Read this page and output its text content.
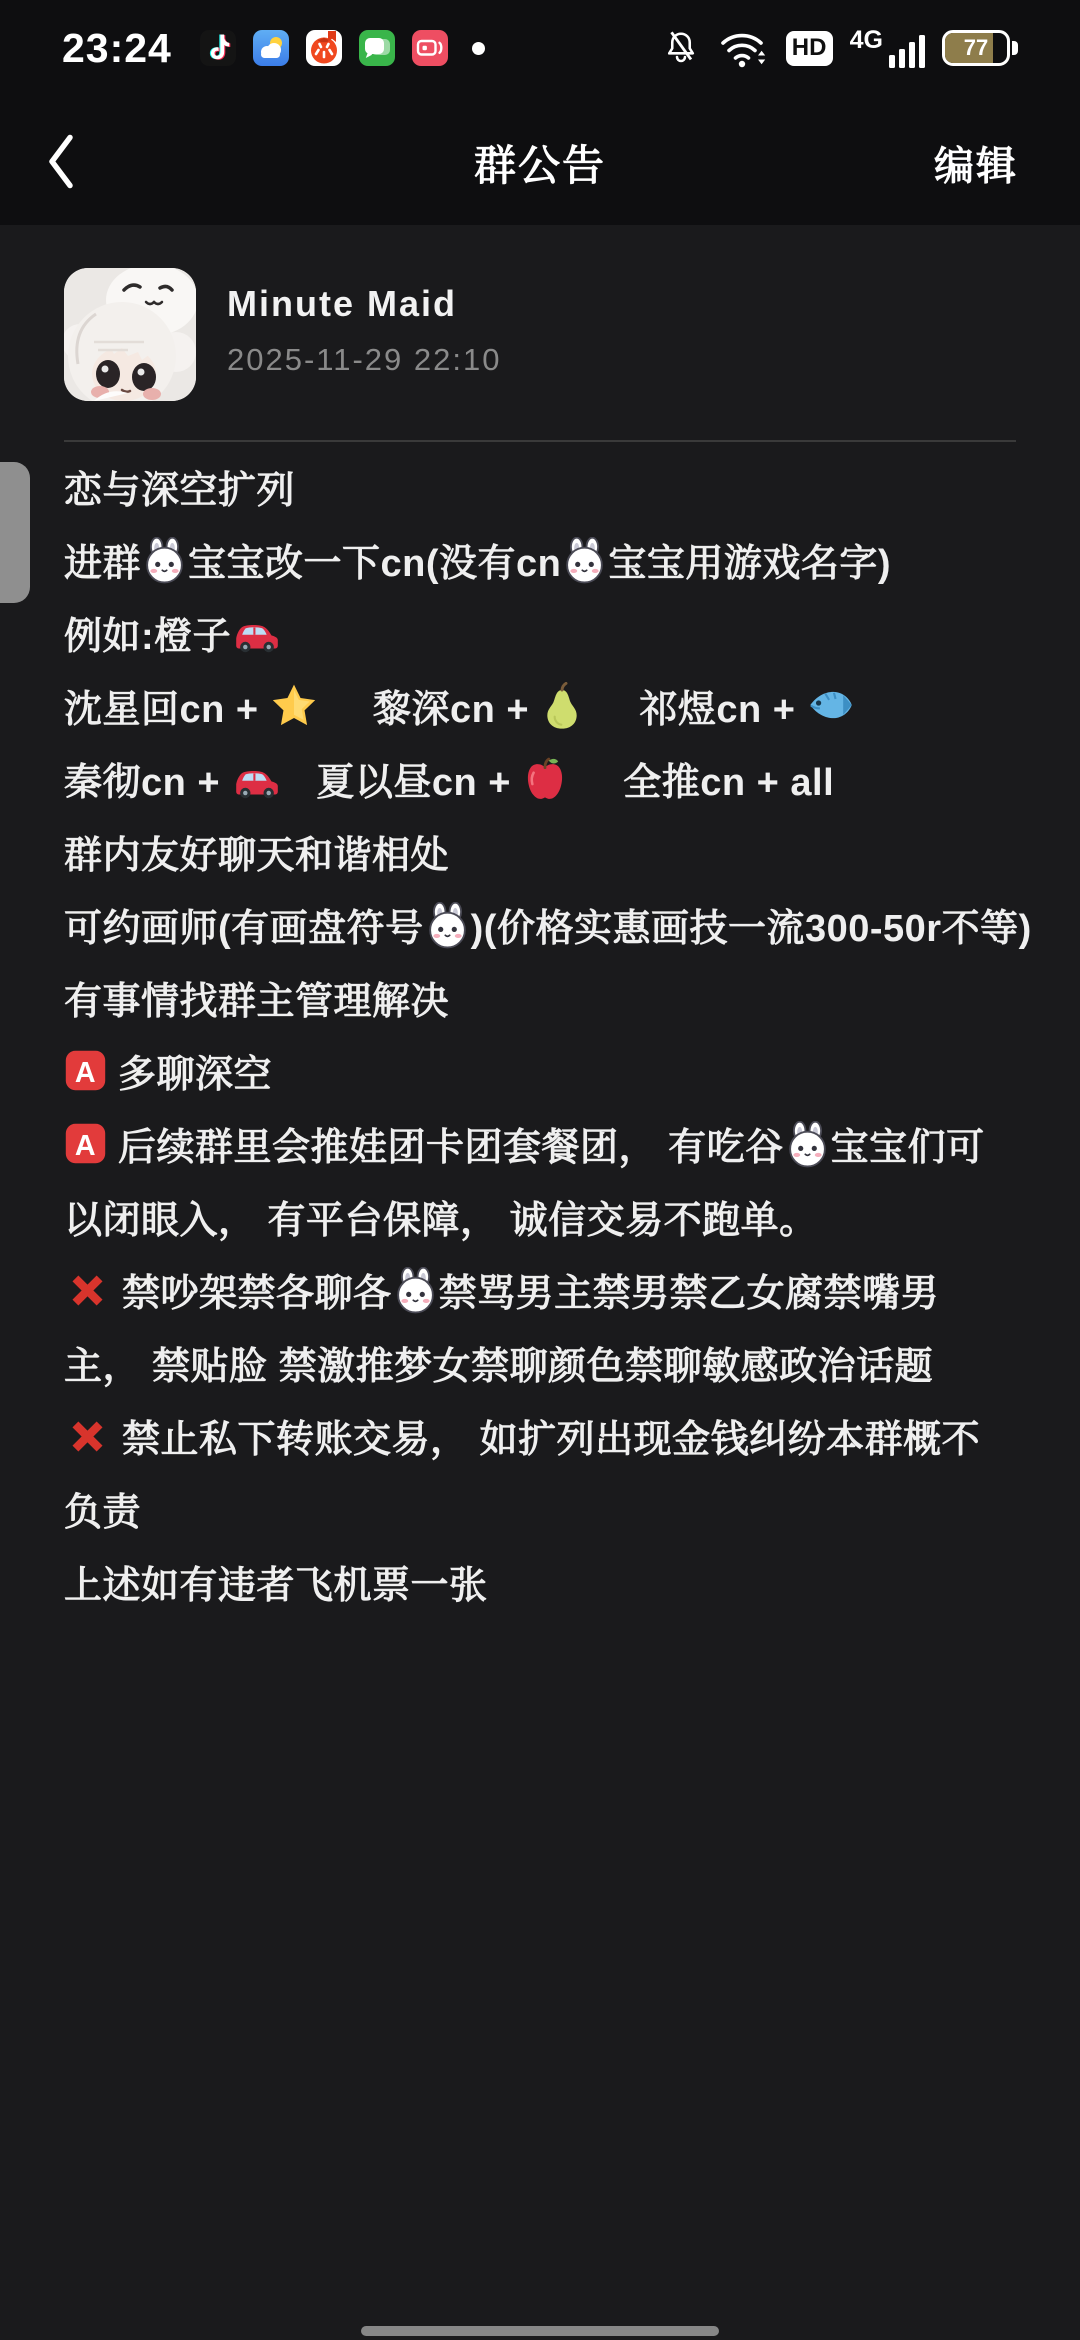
23:24	HD 4G	77
群公告	编辑
Minute Maid
2025-11-29 22:10

恋与深空扩列

进群 宝宝改一下cn(没有cn 宝宝用游戏名字)

例如:橙子

沈星回cn +
黎深cn +
祁煜cn +

秦彻cn +
夏以昼cn +
全推cn + all

群内友好聊天和谐相处

可约画师(有画盘符号 )(价格实惠画技一流300-50r不等)

有事情找群主管理解决

A 多聊深空

A 后续群里会推娃团卡团套餐团， 有吃谷 宝宝们可以闭眼入， 有平台保障， 诚信交易不跑单。

禁吵架禁各聊各 禁骂男主禁男禁乙女腐禁嘴男主， 禁贴脸 禁激推梦女禁聊颜色禁聊敏感政治话题

禁止私下转账交易， 如扩列出现金钱纠纷本群概不负责

上述如有违者飞机票一张
